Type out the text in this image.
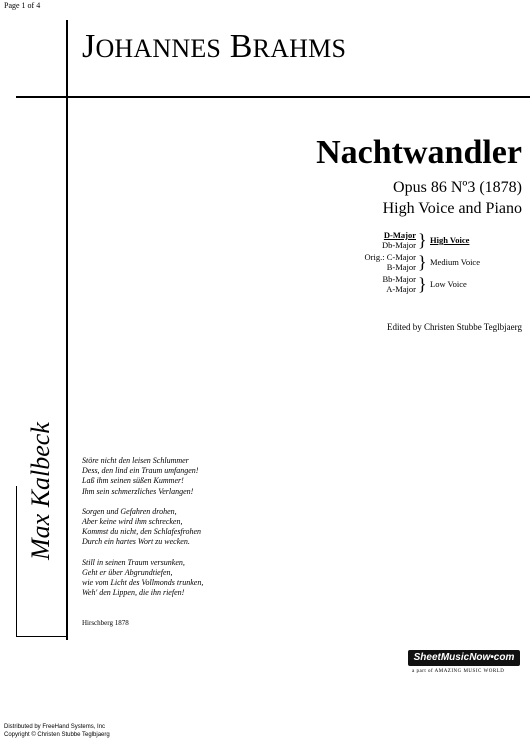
Page 1 of 4
JOHANNES BRAHMS
Nachtwandler
Opus 86 Nº3 (1878)
High Voice and Piano
D-Major
Db-Major } High Voice
Orig.: C-Major
B-Major } Medium Voice
Bb-Major
A-Major } Low Voice
Edited by Christen Stubbe Teglbjaerg
Max Kalbeck	Störe nicht den leisen Schlummer
Dess, den lind ein Traum umfangen!
Laß ihm seinen süßen Kummer!
Ihm sein schmerzliches Verlangen!
Sorgen und Gefahren drohen,
Aber keine wird ihm schrecken,
Kommst du nicht, den Schlafesfrohen
Durch ein hartes Wort zu wecken.
Still in seinen Traum versunken,
Geht er über Abgrundtiefen,
wie vom Licht des Vollmonds trunken,
Weh' den Lippen, die ihn riefen!
Hirschberg 1878
SheetMusicNow•com
a part of AMAZING MUSIC WORLD
Distributed by FreeHand Systems, Inc
Copyright © Christen Stubbe Teglbjaerg
